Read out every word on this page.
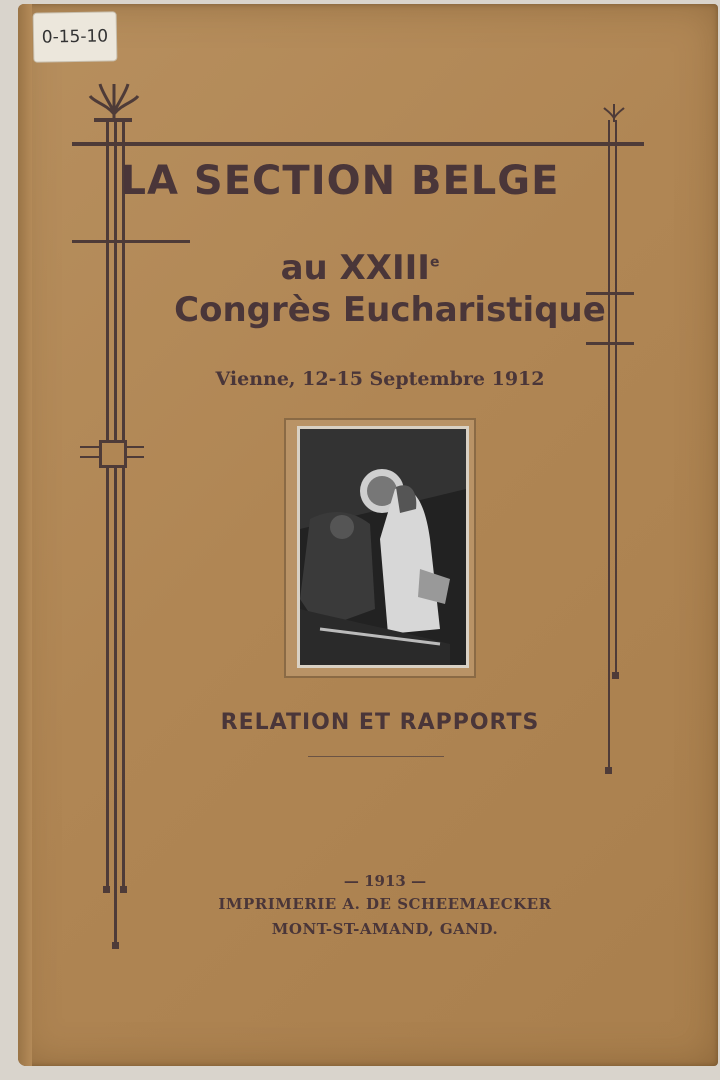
0-15-10
LA SECTION BELGE
au XXIIIe
Congrès Eucharistique
Vienne, 12-15 Septembre 1912
RELATION ET RAPPORTS
— 1913 —
IMPRIMERIE A. DE SCHEEMAECKER
MONT-ST-AMAND, GAND.
